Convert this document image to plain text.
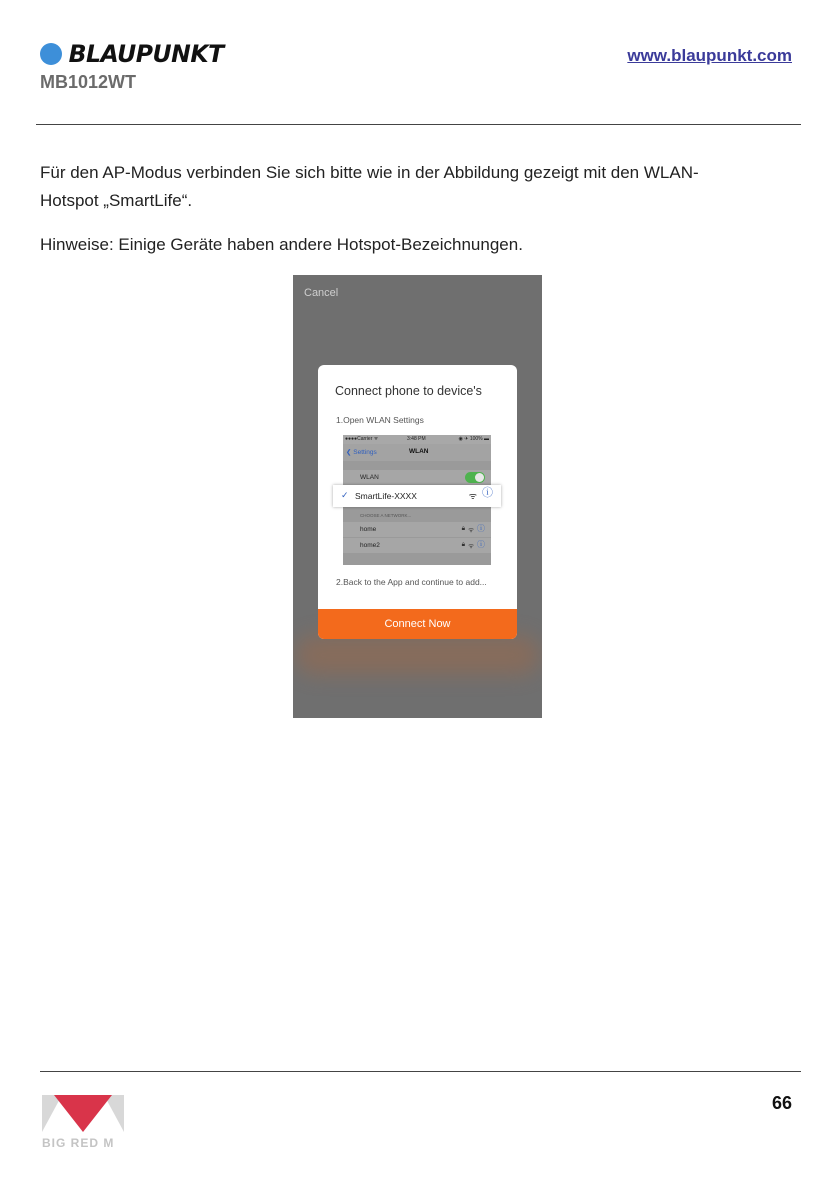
BLAUPUNKT
MB1012WT
www.blaupunkt.com

Für den AP-Modus verbinden Sie sich bitte wie in der Abbildung gezeigt mit den WLAN-
Hotspot „SmartLife“.

Hinweise: Einige Geräte haben andere Hotspot-Bezeichnungen.

Cancel
Connect phone to device's
1.Open WLAN Settings
●●●●Carrier ᯤ	3:48 PM	◉ ✈ 100% ▬
❮ Settings	WLAN
WLAN
CHOOSE A NETWORK...
home	🔒︎ ᯤ ⓘ
home2	🔒︎ ᯤ ⓘ
✓ SmartLife-XXXX	ᯤ ⓘ
2.Back to the App and continue to add...
Connect Now
BIG RED M
66
